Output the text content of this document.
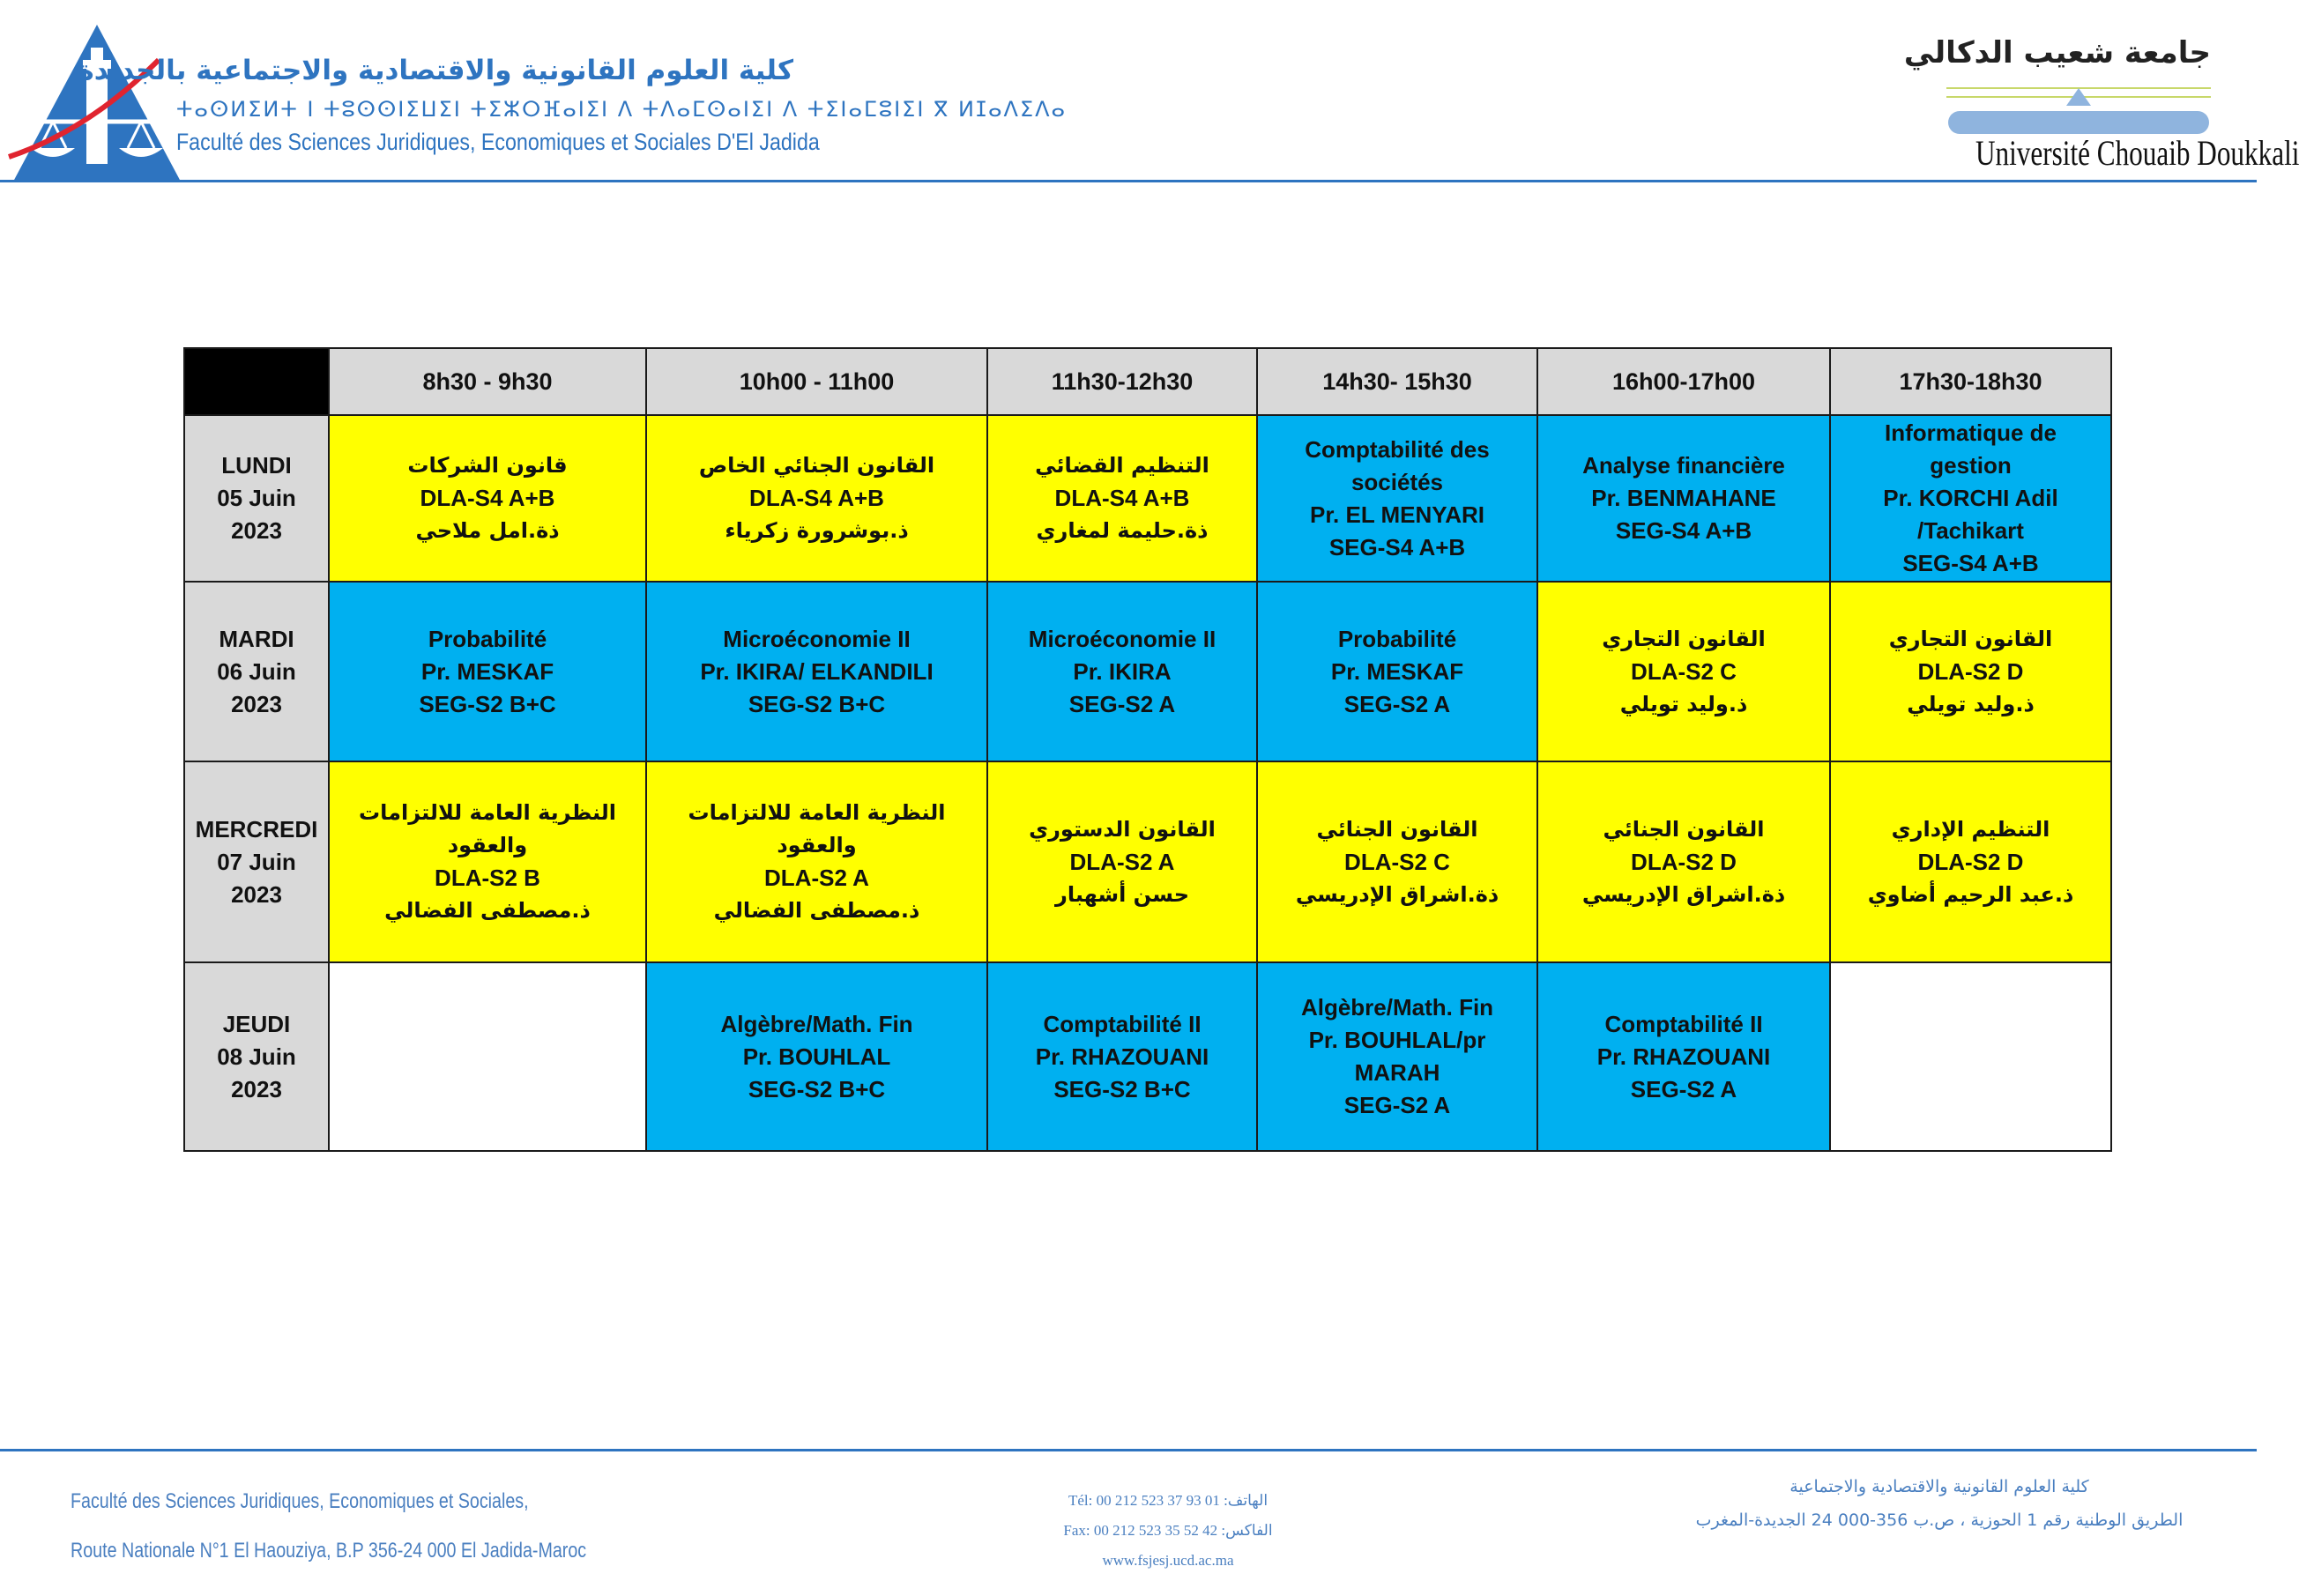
كلية العلوم القانونية والاقتصادية والاجتماعية بالجديدة
ⵜⴰⵙⵍⵉⵍⵜ ⵏ ⵜⵓⵙⵙⵏⵉⵡⵉⵏ ⵜⵉⵣⵔⴼⴰⵏⵉⵏ ⴷ ⵜⴷⴰⵎⵙⴰⵏⵉⵏ ⴷ ⵜⵉⵏⴰⵎⵓⵏⵉⵏ ⴳ ⵍⵊⴰⴷⵉⴷⴰ
Faculté des Sciences Juridiques, Economiques et Sociales D'El Jadida
جامعة شعيب الدكالي
Université Chouaib Doukkali
	8h30 - 9h30	10h00 - 11h00	11h30-12h30	14h30- 15h30	16h00-17h00	17h30-18h30

LUNDI
05 Juin
2023	قانون الشركات
DLA-S4 A+B
ذة.امل ملاحي	القانون الجنائي الخاص
DLA-S4 A+B
ذ.بوشرورة زكرياء	التنظيم القضائي
DLA-S4 A+B
ذة.حليمة لمغاري	Comptabilité des
sociétés
Pr. EL MENYARI
SEG-S4 A+B	Analyse financière
Pr. BENMAHANE
SEG-S4 A+B	Informatique de
gestion
Pr. KORCHI Adil
/Tachikart
SEG-S4 A+B

MARDI
06 Juin
2023	Probabilité
Pr. MESKAF
SEG-S2 B+C	Microéconomie II
Pr. IKIRA/ ELKANDILI
SEG-S2 B+C	Microéconomie II
Pr. IKIRA
SEG-S2 A	Probabilité
Pr. MESKAF
SEG-S2 A	القانون التجاري
DLA-S2 C
ذ.وليد تويلي	القانون التجاري
DLA-S2 D
ذ.وليد تويلي

MERCREDI
07 Juin
2023	النظرية العامة للالتزامات والعقود
DLA-S2 B
ذ.مصطفى الفضالي	النظرية العامة للالتزامات والعقود
DLA-S2 A
ذ.مصطفى الفضالي	القانون الدستوري
DLA-S2 A
حسن أشهبار	القانون الجنائي
DLA-S2 C
ذة.اشراق الإدريسي	القانون الجنائي
DLA-S2 D
ذة.اشراق الإدريسي	التنظيم الإداري
DLA-S2 D
ذ.عبد الرحيم أضاوي

JEUDI
08 Juin
2023		Algèbre/Math. Fin
Pr. BOUHLAL
SEG-S2 B+C	Comptabilité II
Pr. RHAZOUANI
SEG-S2 B+C	Algèbre/Math. Fin
Pr. BOUHLAL/pr
MARAH
SEG-S2 A	Comptabilité II
Pr. RHAZOUANI
SEG-S2 A	

Faculté des Sciences Juridiques, Economiques et Sociales,
Route Nationale N°1 El Haouziya, B.P 356-24 000 El Jadida-Maroc
Tél: 00 212 523 37 93 01 :الهاتف
Fax: 00 212 523 35 52 42 :الفاكس
www.fsjesj.ucd.ac.ma
كلية العلوم القانونية والاقتصادية والاجتماعية
الطريق الوطنية رقم 1 الحوزية ، ص.ب 356-000 24 الجديدة-المغرب
